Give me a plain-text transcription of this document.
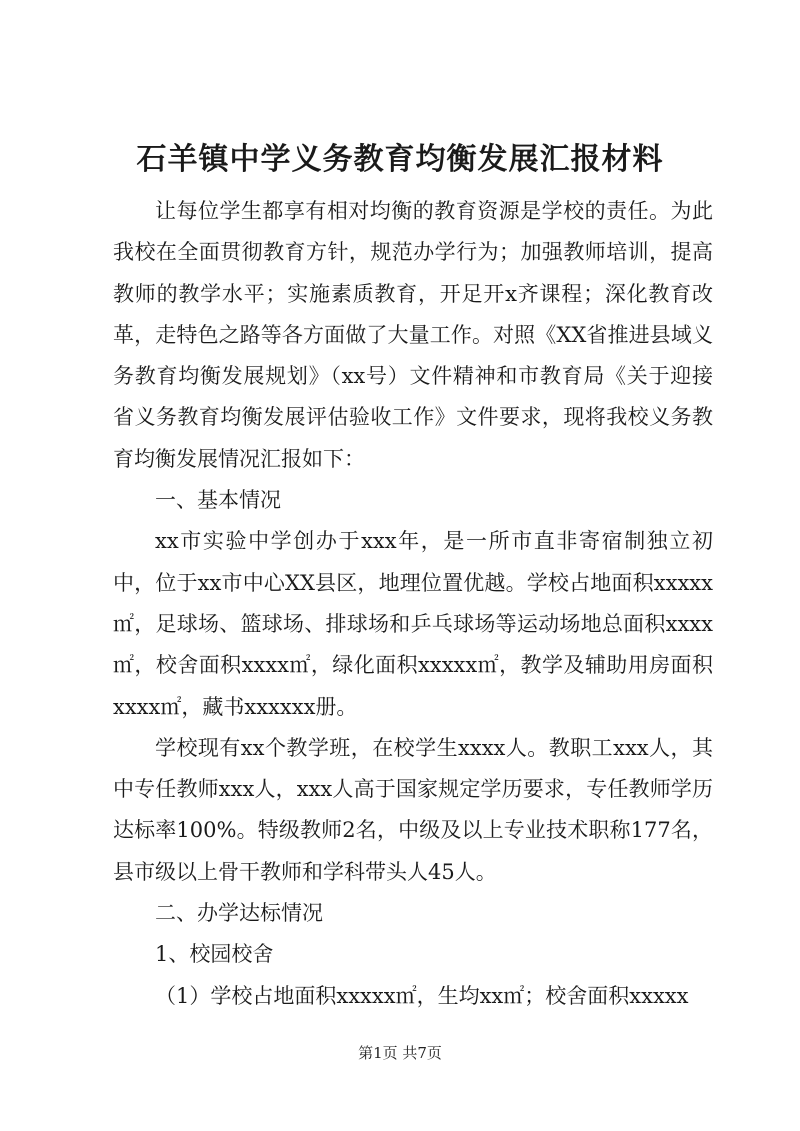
石羊镇中学义务教育均衡发展汇报材料

让每位学生都享有相对均衡的教育资源是学校的责任。为此我校在全面贯彻教育方针，规范办学行为；加强教师培训，提高教师的教学水平；实施素质教育，开足开x齐课程；深化教育改革，走特色之路等各方面做了大量工作。对照《XX省推进县域义务教育均衡发展规划》（xx号）文件精神和市教育局《关于迎接省义务教育均衡发展评估验收工作》文件要求，现将我校义务教育均衡发展情况汇报如下：

一、基本情况

xx市实验中学创办于xxx年，是一所市直非寄宿制独立初中，位于xx市中心XX县区，地理位置优越。学校占地面积xxxxx㎡，足球场、篮球场、排球场和乒乓球场等运动场地总面积xxxx㎡，校舍面积xxxx㎡，绿化面积xxxxx㎡，教学及辅助用房面积xxxx㎡，藏书xxxxxx册。

学校现有xx个教学班，在校学生xxxx人。教职工xxx人，其中专任教师xxx人，xxx人高于国家规定学历要求，专任教师学历达标率100%。特级教师2名，中级及以上专业技术职称177名，县市级以上骨干教师和学科带头人45人。

二、办学达标情况

1、校园校舍

（1）学校占地面积xxxxx㎡，生均xx㎡；校舍面积xxxxx

第1页 共7页
